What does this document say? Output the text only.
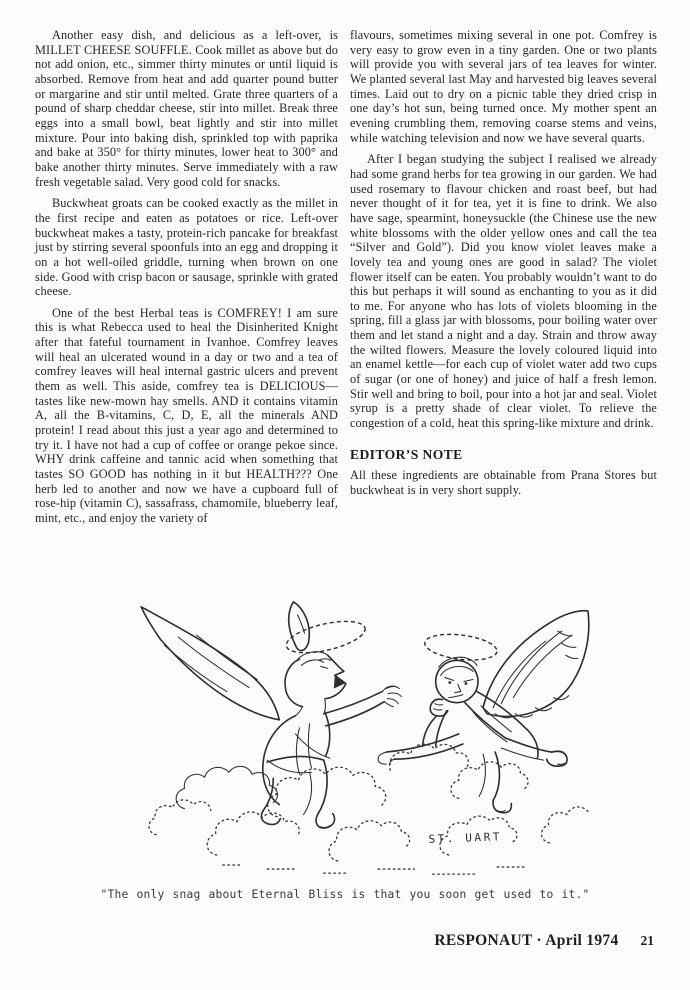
Another easy dish, and delicious as a left-over, is MILLET CHEESE SOUFFLE. Cook millet as above but do not add onion, etc., simmer thirty minutes or until liquid is absorbed. Remove from heat and add quarter pound butter or margarine and stir until melted. Grate three quarters of a pound of sharp cheddar cheese, stir into millet. Break three eggs into a small bowl, beat lightly and stir into millet mixture. Pour into baking dish, sprinkled top with paprika and bake at 350° for thirty minutes, lower heat to 300° and bake another thirty minutes. Serve immediately with a raw fresh vegetable salad. Very good cold for snacks.

Buckwheat groats can be cooked exactly as the millet in the first recipe and eaten as potatoes or rice. Left-over buckwheat makes a tasty, protein-rich pancake for breakfast just by stirring several spoonfuls into an egg and dropping it on a hot well-oiled griddle, turning when brown on one side. Good with crisp bacon or sausage, sprinkle with grated cheese.

One of the best Herbal teas is COMFREY! I am sure this is what Rebecca used to heal the Disinherited Knight after that fateful tournament in Ivanhoe. Comfrey leaves will heal an ulcerated wound in a day or two and a tea of comfrey leaves will heal internal gastric ulcers and prevent them as well. This aside, comfrey tea is DELICIOUS—tastes like new-mown hay smells. AND it contains vitamin A, all the B-vitamins, C, D, E, all the minerals AND protein! I read about this just a year ago and determined to try it. I have not had a cup of coffee or orange pekoe since. WHY drink caffeine and tannic acid when something that tastes SO GOOD has nothing in it but HEALTH??? One herb led to another and now we have a cupboard full of rose-hip (vitamin C), sassafrass, chamomile, blueberry leaf, mint, etc., and enjoy the variety of

flavours, sometimes mixing several in one pot. Comfrey is very easy to grow even in a tiny garden. One or two plants will provide you with several jars of tea leaves for winter. We planted several last May and harvested big leaves several times. Laid out to dry on a picnic table they dried crisp in one day’s hot sun, being turned once. My mother spent an evening crumbling them, removing coarse stems and veins, while watching television and now we have several quarts.

After I began studying the subject I realised we already had some grand herbs for tea growing in our garden. We had used rosemary to flavour chicken and roast beef, but had never thought of it for tea, yet it is fine to drink. We also have sage, spearmint, honeysuckle (the Chinese use the new white blossoms with the older yellow ones and call the tea “Silver and Gold”). Did you know violet leaves make a lovely tea and young ones are good in salad? The violet flower itself can be eaten. You probably wouldn’t want to do this but perhaps it will sound as enchanting to you as it did to me. For anyone who has lots of violets blooming in the spring, fill a glass jar with blossoms, pour boiling water over them and let stand a night and a day. Strain and throw away the wilted flowers. Measure the lovely coloured liquid into an enamel kettle—for each cup of violet water add two cups of sugar (or one of honey) and juice of half a fresh lemon. Stir well and bring to boil, pour into a hot jar and seal. Violet syrup is a pretty shade of clear violet. To relieve the congestion of a cold, heat this spring-like mixture and drink.

EDITOR’S NOTE

All these ingredients are obtainable from Prana Stores but buckwheat is in very short supply.

ST. UART
"The only snag about Eternal Bliss is that you soon get used to it."
RESPONAUT · April 1974 21
